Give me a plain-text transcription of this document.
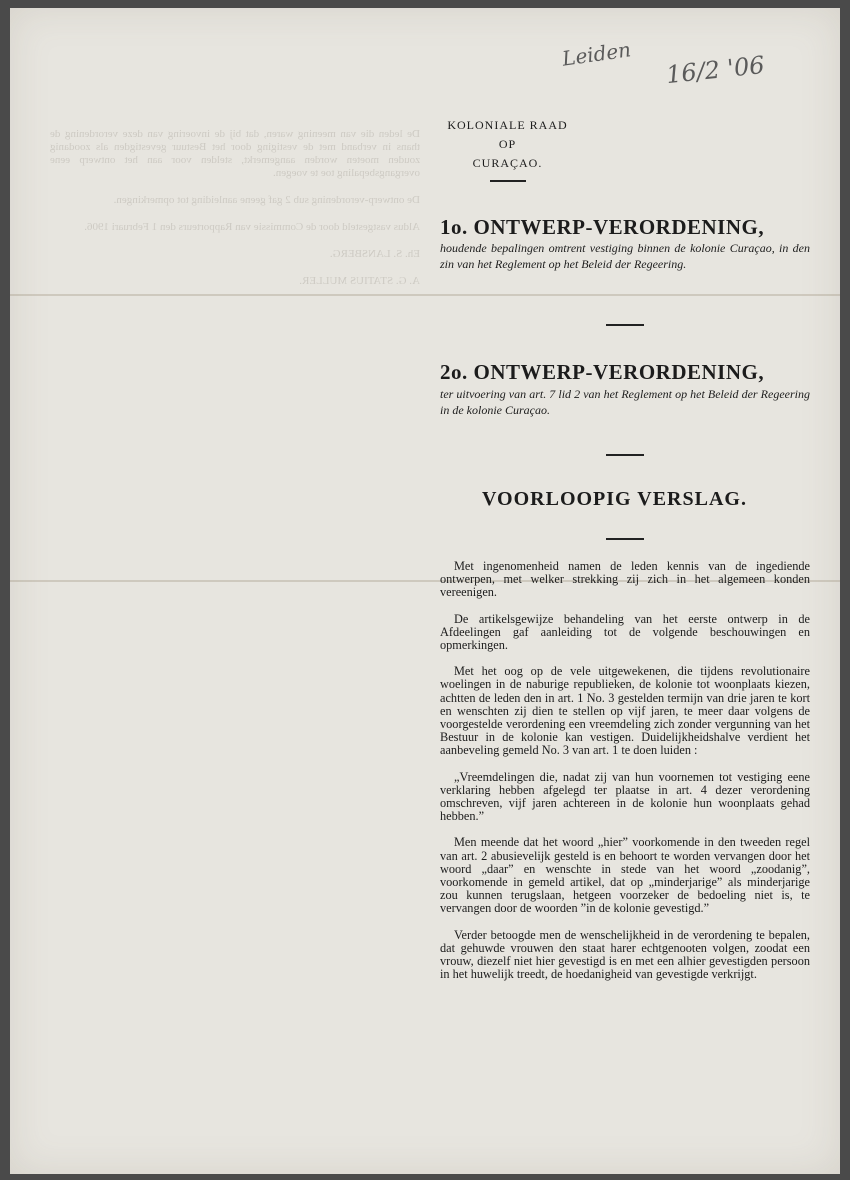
De leden die van meening waren, dat bij de invoering van deze verordening de thans in verband met de vestiging door het Bestuur gevestigden als zoodanig zouden moeten worden aangemerkt, stelden voor aan het ontwerp eene overgangsbepaling toe te voegen.

De ontwerp-verordening sub 2 gaf geene aanleiding tot opmerkingen.

Aldus vastgesteld door de Commissie van Rapporteurs den 1 Februari 1906.

Eh. S. LANSBERG.

A. G. STATIUS MULLER.

Leiden 16/2 '06
KOLONIALE RAAD
OP
CURAÇAO.
1o. ONTWERP-VERORDENING,
houdende bepalingen omtrent vestiging binnen de kolonie Curaçao, in den zin van het Reglement op het Beleid der Regeering.
2o. ONTWERP-VERORDENING,
ter uitvoering van art. 7 lid 2 van het Reglement op het Beleid der Regeering in de kolonie Curaçao.
VOORLOOPIG VERSLAG.

Met ingenomenheid namen de leden kennis van de ingediende ontwerpen, met welker strekking zij zich in het algemeen konden vereenigen.

De artikelsgewijze behandeling van het eerste ontwerp in de Afdeelingen gaf aanleiding tot de volgende beschouwingen en opmerkingen.

Met het oog op de vele uitgewekenen, die tijdens revolutionaire woelingen in de naburige republieken, de kolonie tot woonplaats kiezen, achtten de leden den in art. 1 No. 3 gestelden termijn van drie jaren te kort en wenschten zij dien te stellen op vijf jaren, te meer daar volgens de voorgestelde verordening een vreemdeling zich zonder vergunning van het Bestuur in de kolonie kan vestigen. Duidelijkheidshalve verdient het aanbeveling gemeld No. 3 van art. 1 te doen luiden :

„Vreemdelingen die, nadat zij van hun voornemen tot vestiging eene verklaring hebben afgelegd ter plaatse in art. 4 dezer verordening omschreven, vijf jaren achtereen in de kolonie hun woonplaats gehad hebben.”

Men meende dat het woord „hier” voorkomende in den tweeden regel van art. 2 abusievelijk gesteld is en behoort te worden vervangen door het woord „daar” en wenschte in stede van het woord „zoodanig”, voorkomende in gemeld artikel, dat op „minderjarige” als minderjarige zou kunnen terugslaan, hetgeen voorzeker de bedoeling niet is, te vervangen door de woorden ”in de kolonie gevestigd.”

Verder betoogde men de wenschelijkheid in de verordening te bepalen, dat gehuwde vrouwen den staat harer echtgenooten volgen, zoodat een vrouw, diezelf niet hier gevestigd is en met een alhier gevestigden persoon in het huwelijk treedt, de hoedanigheid van gevestigde verkrijgt.
